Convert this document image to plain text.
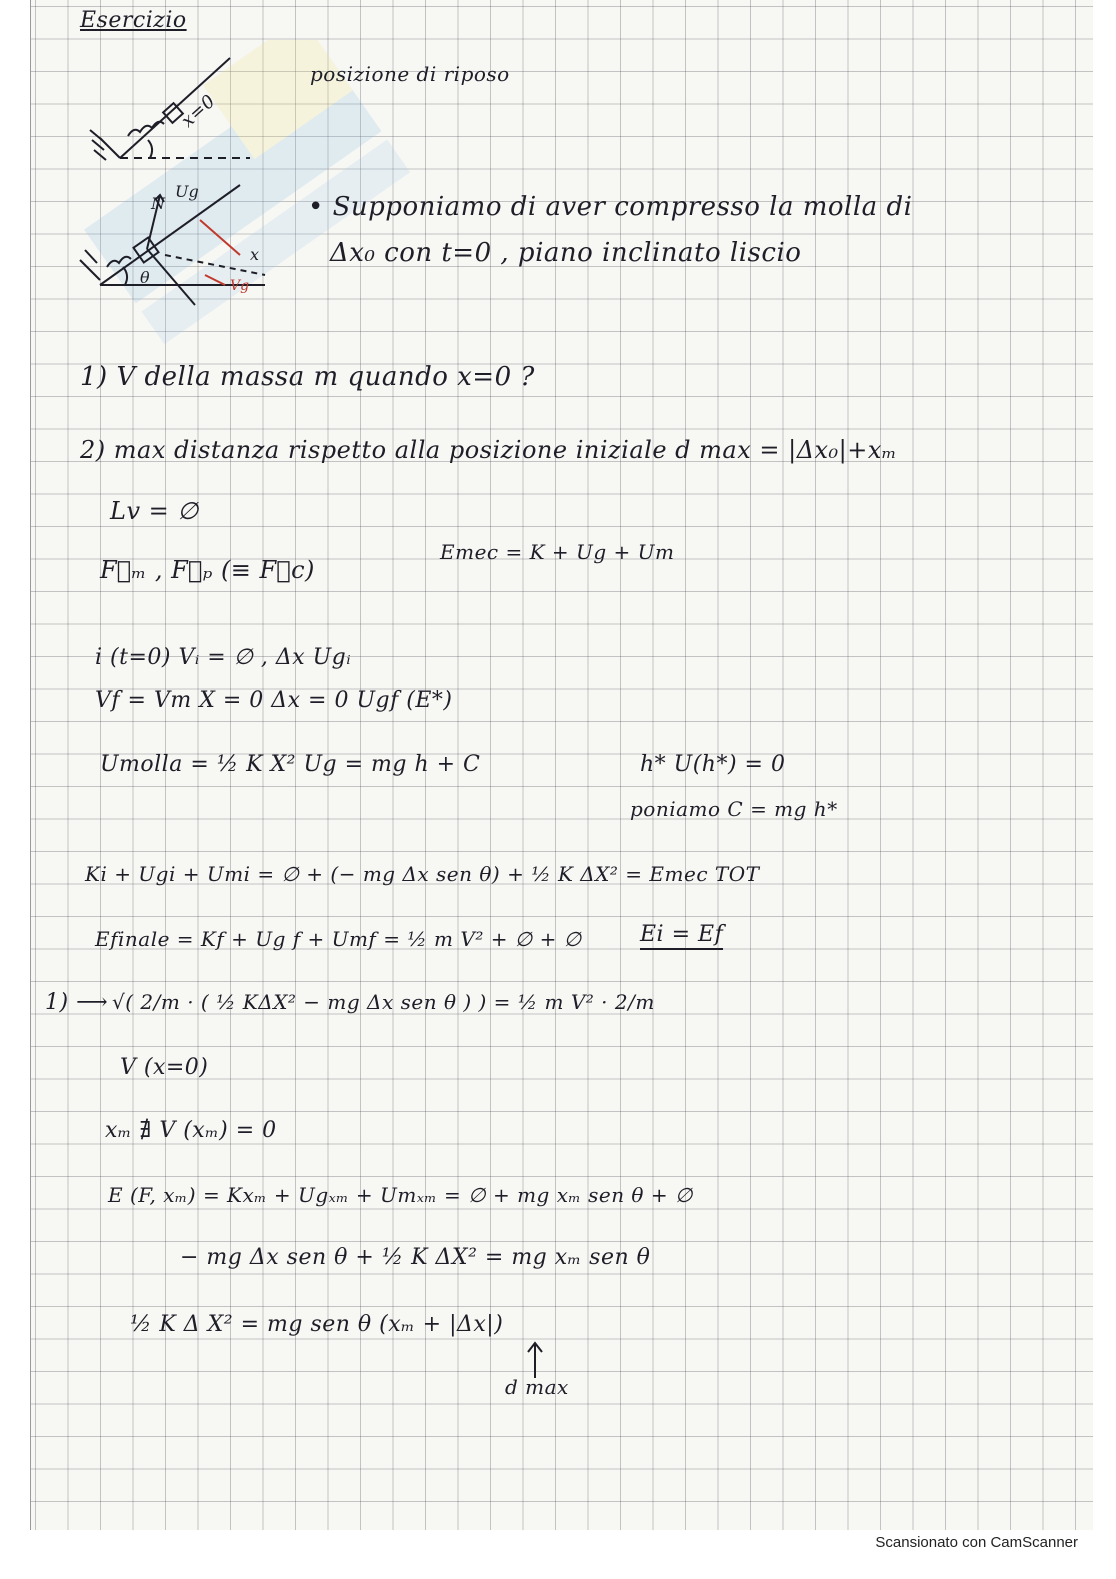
x=0
N
Ug
x
θ	Vg
Esercizio
posizione di riposo
• Supponiamo di aver compresso la molla di
Δx₀ con t=0 , piano inclinato liscio
1) V della massa m quando x=0 ?
2) max distanza rispetto alla posizione iniziale d max = |Δx₀|+xₘ
Lv = ∅
F⃗ₘ , F⃗ₚ (≡ F⃗c)
Emec = K + Ug + Um
i (t=0) Vᵢ = ∅ , Δx Ugᵢ
Vf = Vm X = 0 Δx = 0 Ugf (E*)
Umolla = ½ K X² Ug = mg h + C	h* U(h*) = 0
poniamo C = mg h*
Ki + Ugi + Umi = ∅ + (− mg Δx sen θ) + ½ K ΔX² = Emec TOT
Efinale = Kf + Ug f + Umf = ½ m V² + ∅ + ∅	Ei = Ef
1) ⟶ √( 2/m · ( ½ KΔX² − mg Δx sen θ ) ) = ½ m V² · 2/m
V (x=0)
xₘ ∄ V (xₘ) = 0
E (F, xₘ) = Kxₘ + Ugₓₘ + Umₓₘ = ∅ + mg xₘ sen θ + ∅
− mg Δx sen θ + ½ K ΔX² = mg xₘ sen θ
½ K Δ X² = mg sen θ (xₘ + |Δx|)
d max
Scansionato con CamScanner
